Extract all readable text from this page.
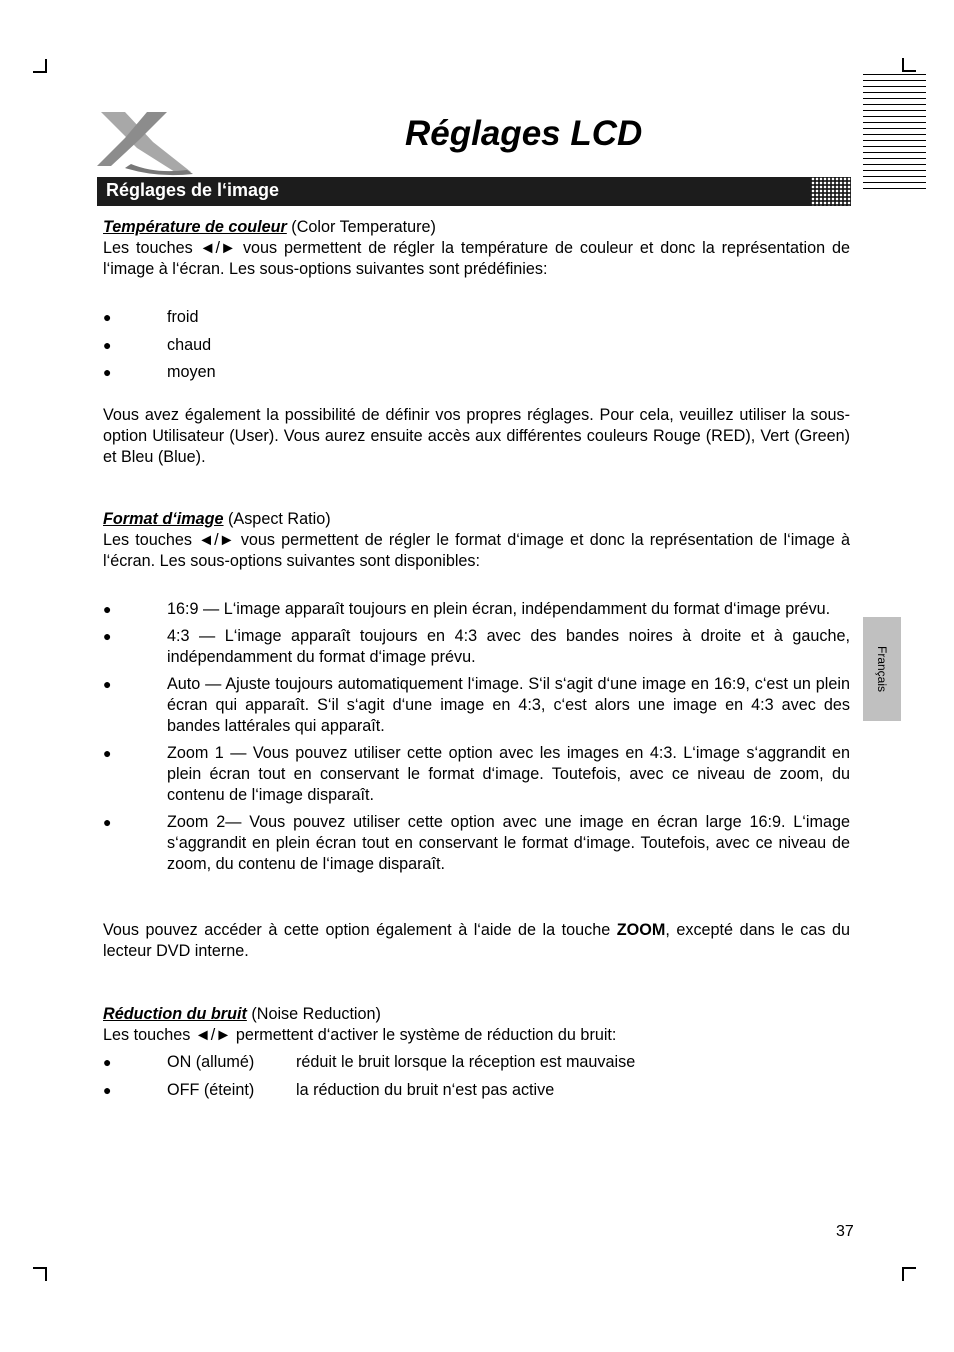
Réglages LCD
Réglages de l‘image
Français

Température de couleur (Color Temperature)

Les touches ◄/► vous permettent de régler la température de couleur et donc la représentation de l‘image à l‘écran. Les sous-options suivantes sont prédéfinies:

●	froid
●	chaud
●	moyen

Vous avez également la possibilité de définir vos propres réglages. Pour cela, veuillez utiliser la sous-option Utilisateur (User). Vous aurez ensuite accès aux différentes couleurs Rouge (RED), Vert (Green) et Bleu (Blue).

Format d‘image (Aspect Ratio)

Les touches ◄/► vous permettent de régler le format d‘image et donc la représentation de l‘image à l‘écran. Les sous-options suivantes sont disponibles:

●	16:9 — L‘image apparaît toujours en plein écran, indépendamment du format d‘image prévu.

●	4:3 — L‘image apparaît toujours en 4:3 avec des bandes noires à droite et à gauche, indépendamment du format d‘image prévu.

●	Auto — Ajuste toujours automatiquement l‘image. S‘il s‘agit d‘une image en 16:9, c‘est un plein écran qui apparaît. S‘il s‘agit d‘une image en 4:3, c‘est alors une image en 4:3 avec des bandes lattérales qui apparaît.

●	Zoom 1 — Vous pouvez utiliser cette option avec les images en 4:3. L‘image s‘aggrandit en plein écran tout en conservant le format d‘image. Toutefois, avec ce niveau de zoom, du contenu de l‘image disparaît.

●	Zoom 2— Vous pouvez utiliser cette option avec une image en écran large 16:9. L‘image s‘aggrandit en plein écran tout en conservant le format d‘image. Toutefois, avec ce niveau de zoom, du contenu de l‘image disparaît.

Vous pouvez accéder à cette option également à l‘aide de la touche ZOOM, excepté dans le cas du lecteur DVD interne.

Réduction du bruit (Noise Reduction)

Les touches ◄/► permettent d‘activer le système de réduction du bruit:

●	ON (allumé)	réduit le bruit lorsque la réception est mauvaise
●	OFF (éteint)	la réduction du bruit n‘est pas active
37
